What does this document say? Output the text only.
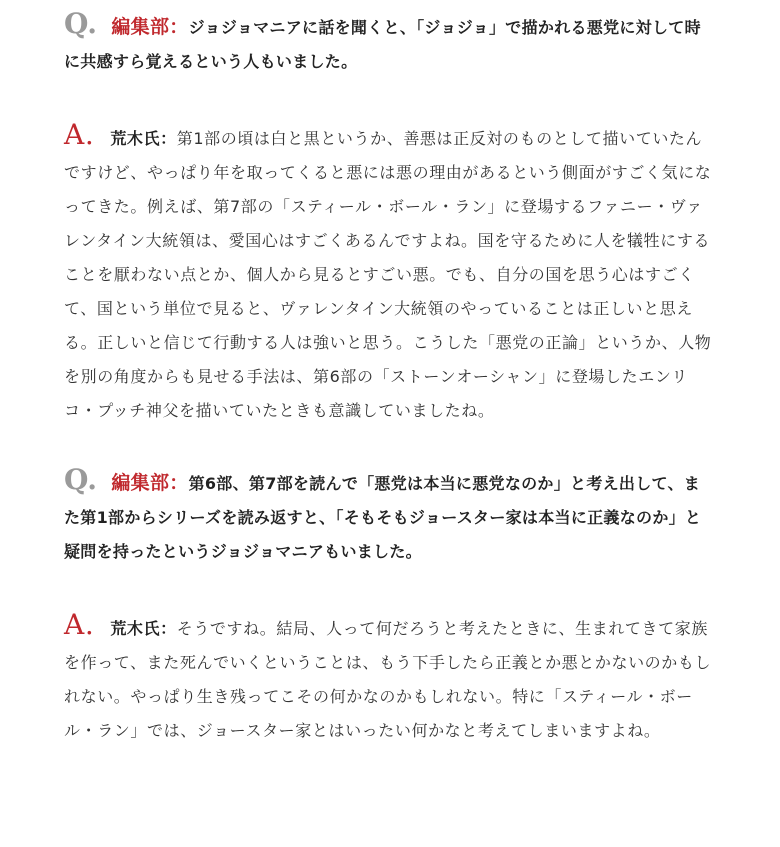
Q. 編集部：ジョジョマニアに話を聞くと、「ジョジョ」で描かれる悪党に対して時に共感すら覚えるという人もいました。

A. 荒木氏：第1部の頃は白と黒というか、善悪は正反対のものとして描いていたんですけど、やっぱり年を取ってくると悪には悪の理由があるという側面がすごく気になってきた。例えば、第7部の「スティール・ボール・ラン」に登場するファニー・ヴァレンタイン大統領は、愛国心はすごくあるんですよね。国を守るために人を犠牲にすることを厭わない点とか、個人から見るとすごい悪。でも、自分の国を思う心はすごくて、国という単位で見ると、ヴァレンタイン大統領のやっていることは正しいと思える。正しいと信じて行動する人は強いと思う。こうした「悪党の正論」というか、人物を別の角度からも見せる手法は、第6部の「ストーンオーシャン」に登場したエンリコ・プッチ神父を描いていたときも意識していましたね。

Q. 編集部：第6部、第7部を読んで「悪党は本当に悪党なのか」と考え出して、また第1部からシリーズを読み返すと、「そもそもジョースター家は本当に正義なのか」と疑問を持ったというジョジョマニアもいました。

A. 荒木氏：そうですね。結局、人って何だろうと考えたときに、生まれてきて家族を作って、また死んでいくということは、もう下手したら正義とか悪とかないのかもしれない。やっぱり生き残ってこその何かなのかもしれない。特に「スティール・ボール・ラン」では、ジョースター家とはいったい何かなと考えてしまいますよね。
